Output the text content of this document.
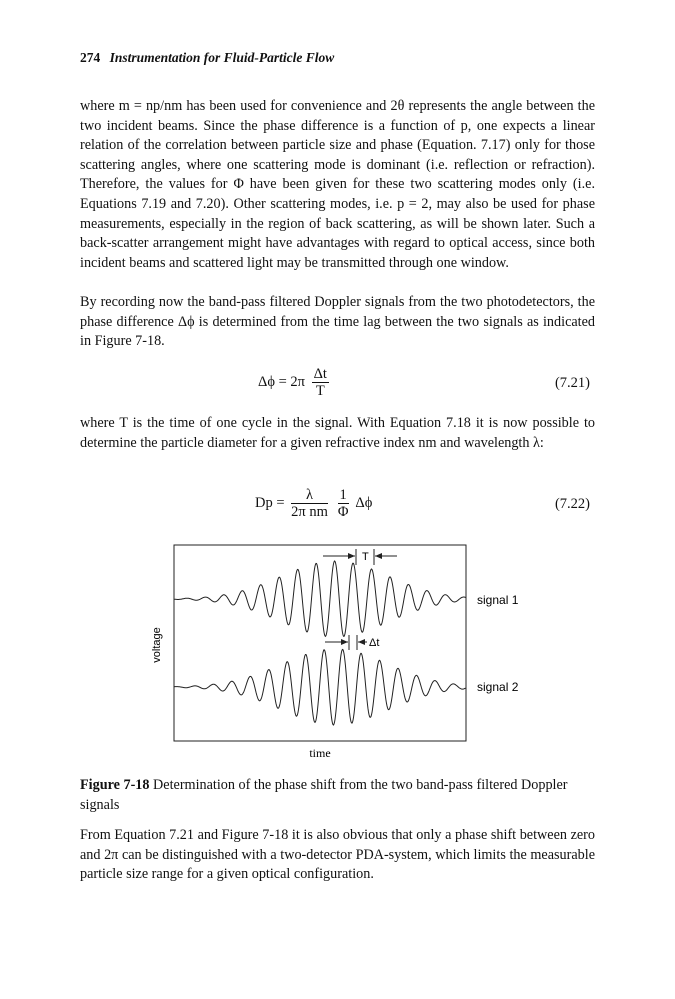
274 Instrumentation for Fluid-Particle Flow

where m = np/nm has been used for convenience and 2θ represents the angle between the two incident beams. Since the phase difference is a function of p, one expects a linear relation of the correlation between particle size and phase (Equation. 7.17) only for those scattering angles, where one scattering mode is dominant (i.e. reflection or refraction). Therefore, the values for Φ have been given for these two scattering modes only (i.e. Equations 7.19 and 7.20). Other scattering modes, i.e. p = 2, may also be used for phase measurements, especially in the region of back scattering, as will be shown later. Such a back-scatter arrangement might have advantages with regard to optical access, since both incident beams and scattered light may be transmitted through one window.

By recording now the band-pass filtered Doppler signals from the two photodetectors, the phase difference Δϕ is determined from the time lag between the two signals as indicated in Figure 7-18.

$\Delta\phi = 2\pi \frac{\Delta t}{T}$	(7.21)

where T is the time of one cycle in the signal. With Equation 7.18 it is now possible to determine the particle diameter for a given refractive index nm and wavelength λ:

$Dp = \frac{\lambda}{\text{2π nm}}$
$\frac{1}{\Phi}$ Δϕ	(7.22)
T
Δt
signal 1
signal 2
voltage
time

Figure 7-18 Determination of the phase shift from the two band-pass filtered Doppler signals

From Equation 7.21 and Figure 7-18 it is also obvious that only a phase shift between zero and 2π can be distinguished with a two-detector PDA-system, which limits the measurable particle size range for a given optical configuration.
